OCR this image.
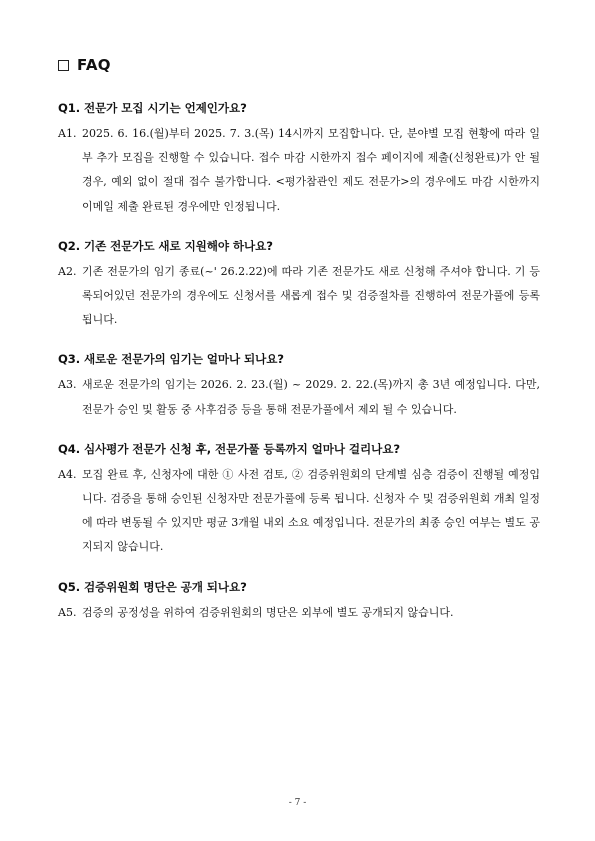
FAQ
Q1. 전문가 모집 시기는 언제인가요?
A1. 2025. 6. 16.(월)부터 2025. 7. 3.(목) 14시까지 모집합니다. 단, 분야별 모집 현황에 따라 일부 추가 모집을 진행할 수 있습니다. 접수 마감 시한까지 접수 페이지에 제출(신청완료)가 안 될 경우, 예외 없이 절대 접수 불가합니다. <평가참관인 제도 전문가>의 경우에도 마감 시한까지 이메일 제출 완료된 경우에만 인정됩니다.
Q2. 기존 전문가도 새로 지원해야 하나요?
A2. 기존 전문가의 임기 종료(~' 26.2.22)에 따라 기존 전문가도 새로 신청해 주셔야 합니다. 기 등록되어있던 전문가의 경우에도 신청서를 새롭게 접수 및 검증절차를 진행하여 전문가풀에 등록됩니다.
Q3. 새로운 전문가의 임기는 얼마나 되나요?
A3. 새로운 전문가의 임기는 2026. 2. 23.(월) ~ 2029. 2. 22.(목)까지 총 3년 예정입니다. 다만, 전문가 승인 및 활동 중 사후검증 등을 통해 전문가풀에서 제외 될 수 있습니다.
Q4. 심사평가 전문가 신청 후, 전문가풀 등록까지 얼마나 걸리나요?
A4. 모집 완료 후, 신청자에 대한 ① 사전 검토, ② 검증위원회의 단계별 심층 검증이 진행될 예정입니다. 검증을 통해 승인된 신청자만 전문가풀에 등록 됩니다. 신청자 수 및 검증위원회 개최 일정에 따라 변동될 수 있지만 평균 3개월 내외 소요 예정입니다. 전문가의 최종 승인 여부는 별도 공지되지 않습니다.
Q5. 검증위원회 명단은 공개 되나요?
A5. 검증의 공정성을 위하여 검증위원회의 명단은 외부에 별도 공개되지 않습니다.
- 7 -
